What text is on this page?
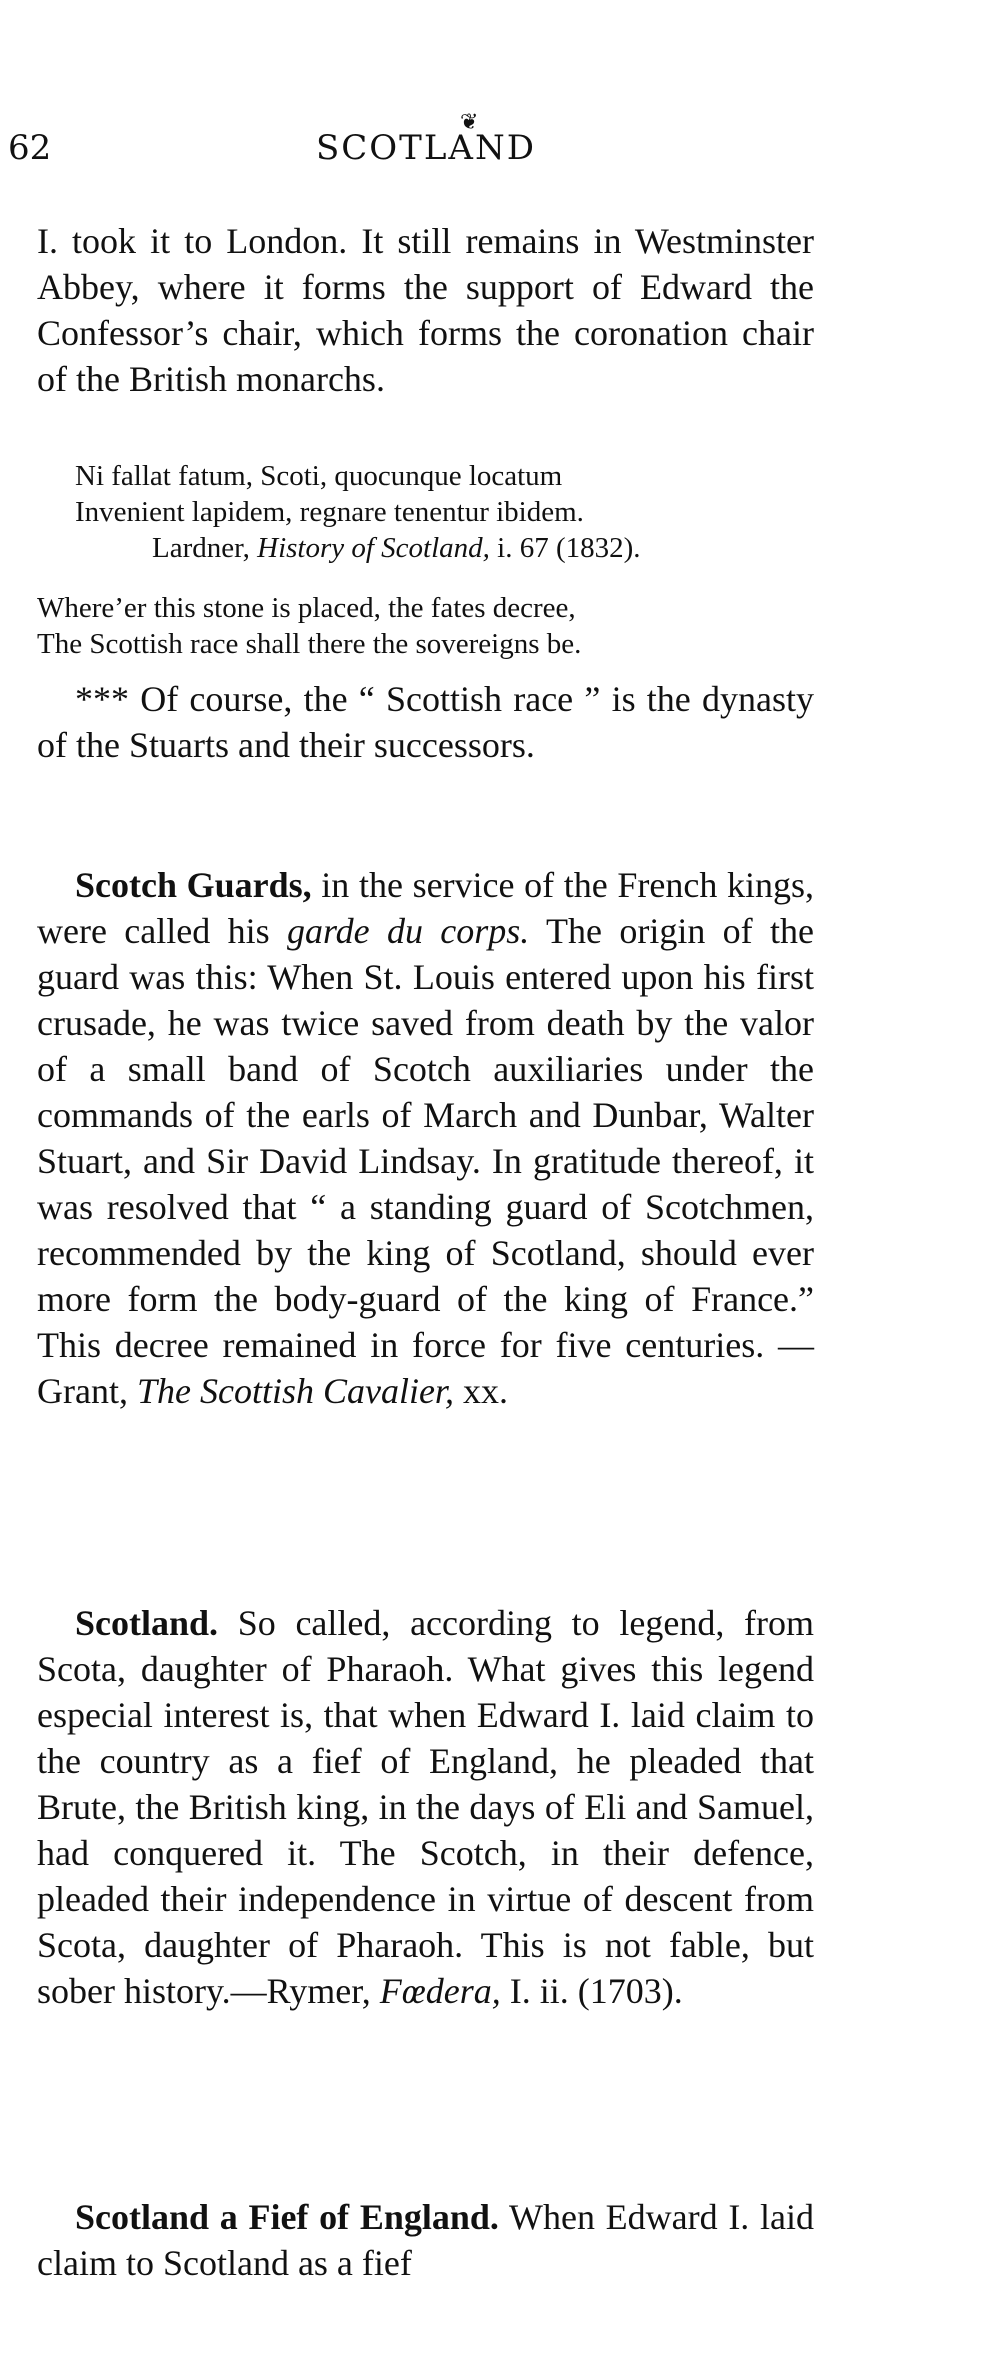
62
❦
SCOTLAND
I. took it to London. It still remains in Westminster Abbey, where it forms the support of Edward the Confessor’s chair, which forms the coronation chair of the British monarchs.
Ni fallat fatum, Scoti, quocunque locatum
Invenient lapidem, regnare tenentur ibidem.
Lardner, History of Scotland, i. 67 (1832).
Where’er this stone is placed, the fates decree,
The Scottish race shall there the sovereigns be.
*** Of course, the “ Scottish race ” is the dynasty of the Stuarts and their successors.
Scotch Guards, in the service of the French kings, were called his garde du corps. The origin of the guard was this: When St. Louis entered upon his first crusade, he was twice saved from death by the valor of a small band of Scotch auxiliaries under the commands of the earls of March and Dunbar, Walter Stuart, and Sir David Lindsay. In gratitude thereof, it was resolved that “ a standing guard of Scotchmen, recommended by the king of Scotland, should ever more form the body-guard of the king of France.” This decree remained in force for five centuries. —Grant, The Scottish Cavalier, xx.
Scotland. So called, according to legend, from Scota, daughter of Pharaoh. What gives this legend especial interest is, that when Edward I. laid claim to the country as a fief of England, he pleaded that Brute, the British king, in the days of Eli and Samuel, had conquered it. The Scotch, in their defence, pleaded their independence in virtue of descent from Scota, daughter of Pharaoh. This is not fable, but sober history.—Rymer, Fœdera, I. ii. (1703).
Scotland a Fief of England. When Edward I. laid claim to Scotland as a fief
